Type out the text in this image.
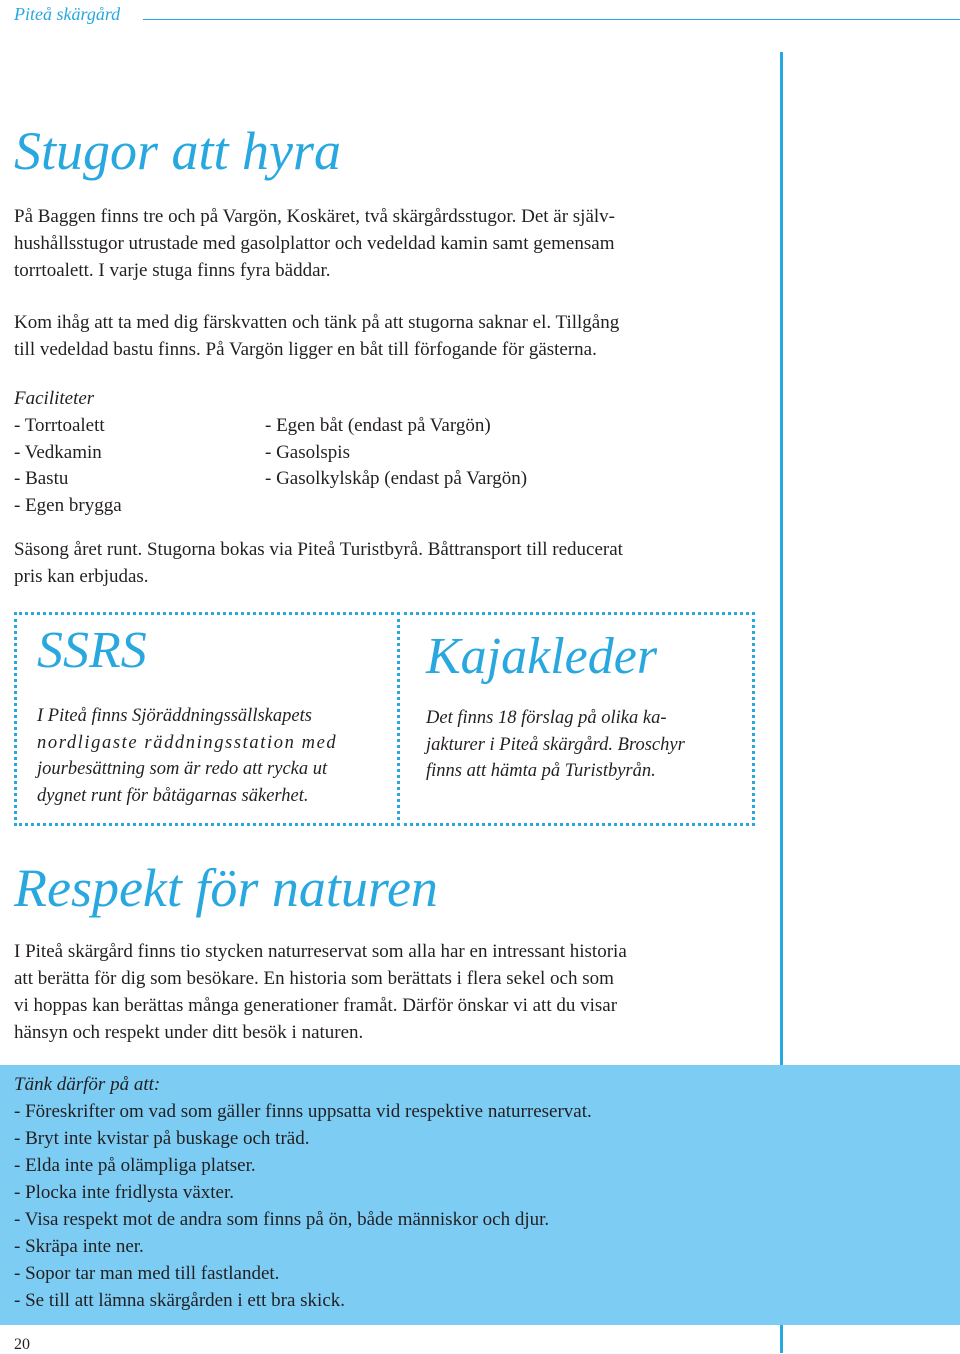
Piteå skärgård
Stugor att hyra
På Baggen finns tre och på Vargön, Koskäret, två skärgårdsstugor. Det är själv-
hushållsstugor utrustade med gasolplattor och vedeldad kamin samt gemensam
torrtoalett. I varje stuga finns fyra bäddar.
Kom ihåg att ta med dig färskvatten och tänk på att stugorna saknar el. Tillgång
till vedeldad bastu finns. På Vargön ligger en båt till förfogande för gästerna.
Faciliteter
- Torrtoalett
- Vedkamin
- Bastu
- Egen brygga
- Egen båt (endast på Vargön)
- Gasolspis
- Gasolkylskåp (endast på Vargön)
Säsong året runt. Stugorna bokas via Piteå Turistbyrå. Båttransport till reducerat
pris kan erbjudas.
SSRS
I Piteå finns Sjöräddningssällskapets
nordligaste räddningsstation med
jourbesättning som är redo att rycka ut
dygnet runt för båtägarnas säkerhet.
Kajakleder
Det finns 18 förslag på olika ka-
jakturer i Piteå skärgård. Broschyr
finns att hämta på Turistbyrån.
Respekt för naturen
I Piteå skärgård finns tio stycken naturreservat som alla har en intressant historia
att berätta för dig som besökare. En historia som berättats i flera sekel och som
vi hoppas kan berättas många generationer framåt. Därför önskar vi att du visar
hänsyn och respekt under ditt besök i naturen.
Tänk därför på att:
- Föreskrifter om vad som gäller finns uppsatta vid respektive naturreservat.
- Bryt inte kvistar på buskage och träd.
- Elda inte på olämpliga platser.
- Plocka inte fridlysta växter.
- Visa respekt mot de andra som finns på ön, både människor och djur.
- Skräpa inte ner.
- Sopor tar man med till fastlandet.
- Se till att lämna skärgården i ett bra skick.
20
